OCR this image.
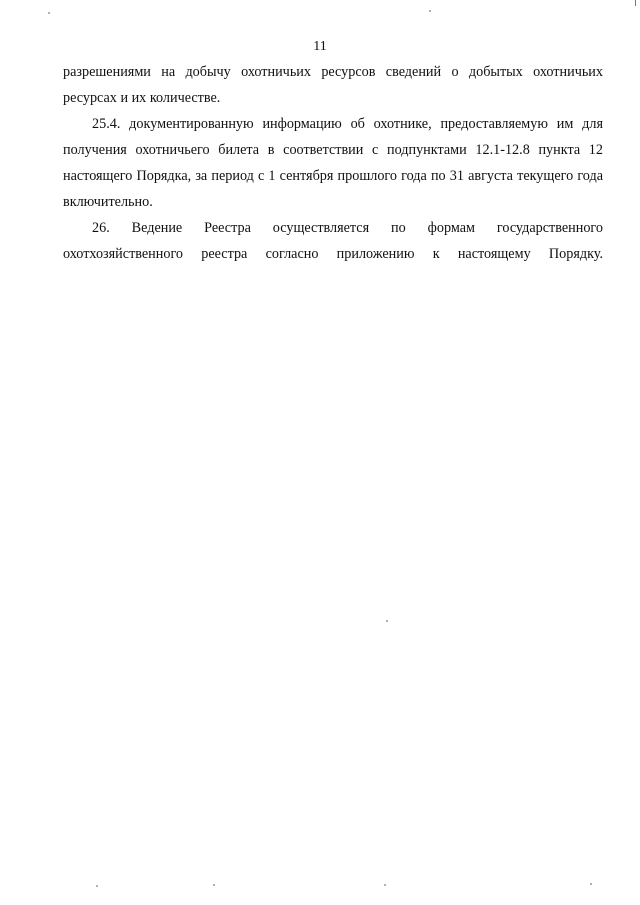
11

разрешениями на добычу охотничьих ресурсов сведений о добытых охотничьих ресурсах и их количестве.

25.4. документированную информацию об охотнике, предоставляемую им для получения охотничьего билета в соответствии с подпунктами 12.1-12.8 пункта 12 настоящего Порядка, за период с 1 сентября прошлого года по 31 августа текущего года включительно.

26. Ведение Реестра осуществляется по формам государственного
охотхозяйственного реестра согласно приложению к настоящему Порядку.
